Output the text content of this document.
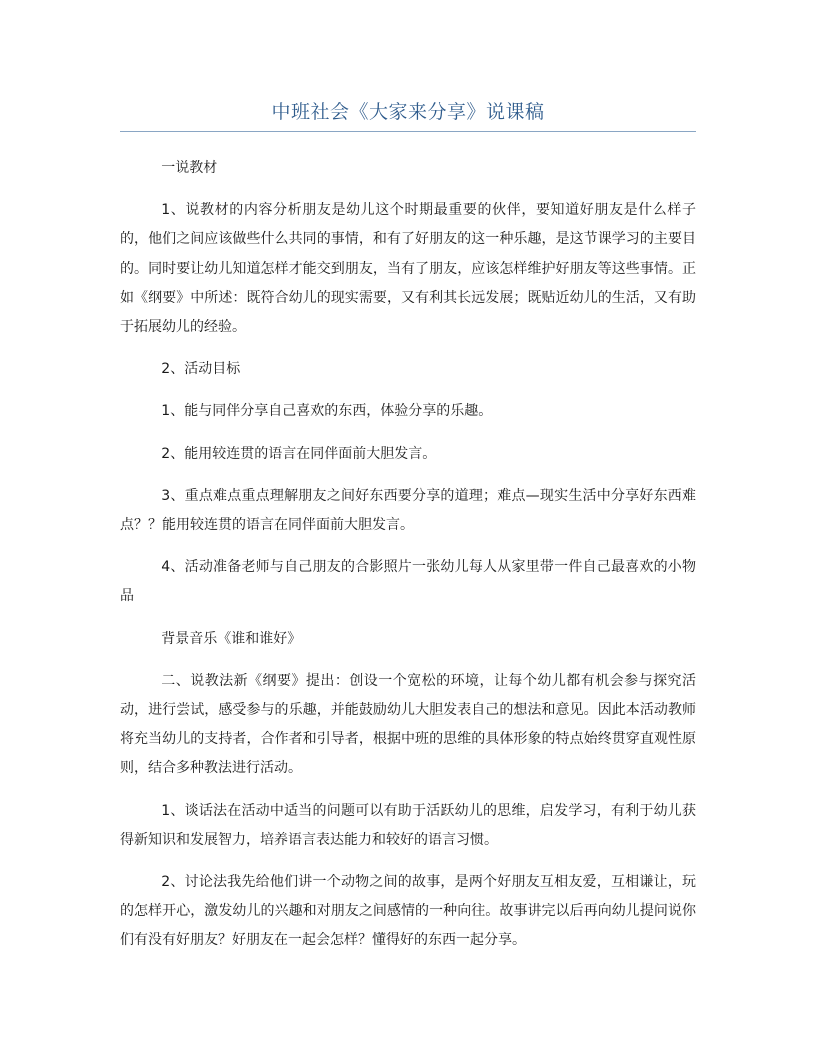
中班社会《大家来分享》说课稿

一说教材

1、说教材的内容分析朋友是幼儿这个时期最重要的伙伴，要知道好朋友是什么样子的，他们之间应该做些什么共同的事情，和有了好朋友的这一种乐趣，是这节课学习的主要目的。同时要让幼儿知道怎样才能交到朋友，当有了朋友，应该怎样维护好朋友等这些事情。正如《纲要》中所述：既符合幼儿的现实需要，又有利其长远发展；既贴近幼儿的生活，又有助于拓展幼儿的经验。

2、活动目标

1、能与同伴分享自己喜欢的东西，体验分享的乐趣。

2、能用较连贯的语言在同伴面前大胆发言。

3、重点难点重点理解朋友之间好东西要分享的道理；难点—现实生活中分享好东西难点？？能用较连贯的语言在同伴面前大胆发言。

4、活动准备老师与自己朋友的合影照片一张幼儿每人从家里带一件自己最喜欢的小物品

背景音乐《谁和谁好》

二、说教法新《纲要》提出：创设一个宽松的环境，让每个幼儿都有机会参与探究活动，进行尝试，感受参与的乐趣，并能鼓励幼儿大胆发表自己的想法和意见。因此本活动教师将充当幼儿的支持者，合作者和引导者，根据中班的思维的具体形象的特点始终贯穿直观性原则，结合多种教法进行活动。

1、谈话法在活动中适当的问题可以有助于活跃幼儿的思维，启发学习，有利于幼儿获得新知识和发展智力，培养语言表达能力和较好的语言习惯。

2、讨论法我先给他们讲一个动物之间的故事，是两个好朋友互相友爱，互相谦让，玩的怎样开心，激发幼儿的兴趣和对朋友之间感情的一种向往。故事讲完以后再向幼儿提问说你们有没有好朋友？好朋友在一起会怎样？懂得好的东西一起分享。
